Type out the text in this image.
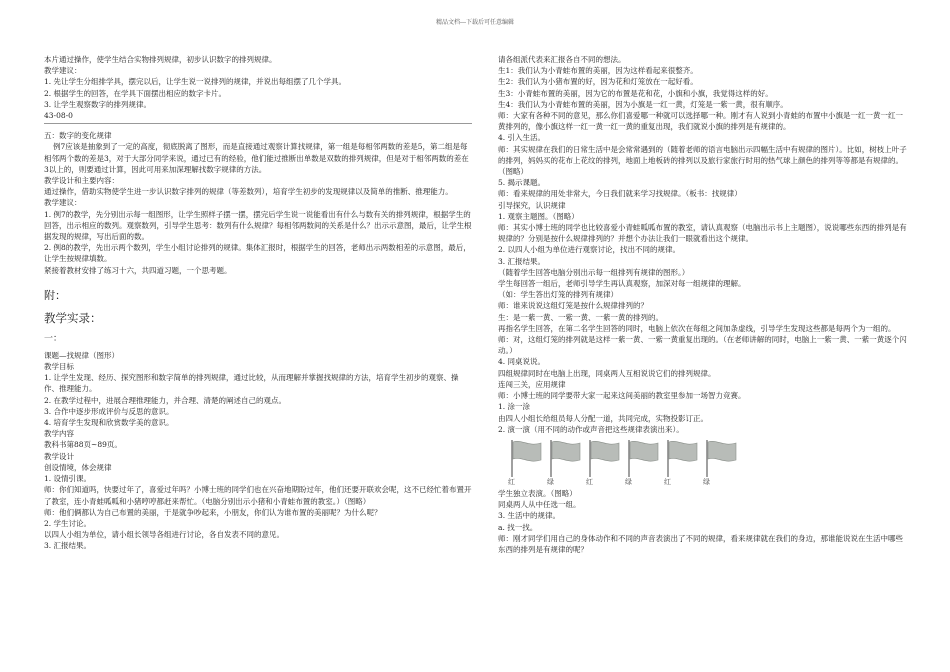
精品文档---下载后可任意编辑

本片通过操作，使学生结合实物排列规律，初步认识数字的排列规律。

教学建议：

1. 先让学生分组排学具，摆完以后，让学生说一说排列的规律，并说出每组摆了几个学具。

2. 根据学生的回答，在学具下面摆出相应的数字卡片。

3. 让学生观察数字的排列规律。

43-08-0

五：数字的变化规律

例7应该是抽象到了一定的高度，彻底脱离了图形，而是直接通过观察计算找规律，第一组是每相邻两数的差是5，第二组是每相邻两个数的差是3，对于大部分同学来说，通过已有的经验，他们能过推断出单数是双数的排列规律，但是对于相邻两数的差在3以上的，则要通过计算，因此可用来加深理解找数字规律的方法。

教学设计和主要内容：

通过操作，借助实物使学生进一步认识数字排列的规律（等差数列），培育学生初步的发现规律以及简单的推断、推理能力。

教学建议：

1. 例7的教学，先分别出示每一组图形，让学生照样子摆一摆，摆完后学生说一说能看出有什么与数有关的排列规律，根据学生的回答，出示相应的数列。观察数列，引导学生思考：数列有什么规律？每相邻两数间的关系是什么？出示示意图，最后，让学生根据发现的规律，写出后面的数。

2. 例8的教学，先出示两个数列，学生小组讨论排列的规律。集体汇报时，根据学生的回答，老师出示两数相差的示意图，最后，让学生按规律填数。

紧接着教材安排了练习十六，共四道习题，一个思考题。

附：
教学实录：
一：

课题—找规律（图形）

教学目标

1. 让学生发现、经历、探究图形和数字简单的排列规律，通过比较，从而理解并掌握找规律的方法，培育学生初步的观察、操作、推理能力。

2. 在教学过程中，进展合理推理能力，并合理、清楚的阐述自己的观点。

3. 合作中逐步形成评价与反思的意识。

4. 培育学生发现和欣赏数学美的意识。

教学内容

教科书第88页~89页。

教学设计

创设情境，体会规律

1. 设情引课。

师：你们知道吗，快要过年了，喜爱过年吗？小博士班的同学们也在兴奋地期盼过年，他们还要开联欢会呢，这不已经忙着布置开了教室，连小青蛙呱呱和小猪哼哼都赶来帮忙。（电脑分别出示小猪和小青蛙布置的教室。）（图略）

师：他们俩都认为自己布置的美丽，于是就争吵起来，小朋友，你们认为谁布置的美丽呢？为什么呢？

2. 学生讨论。

以四人小组为单位，请小组长领导各组进行讨论，各自发表不同的意见。

3. 汇报结果。

请各组派代表来汇报各自不同的想法。

生1：我们认为小青蛙布置的美丽，因为这样看起来很整齐。

生2：我们认为小猪布置的好，因为花和灯笼放在一起好看。

生3：小青蛙布置的美丽，因为它的布置是花和花，小旗和小旗，我觉得这样的好。

生4：我们认为小青蛙布置的美丽，因为小旗是一红一黄，灯笼是一紫一黄，很有顺序。

师：大家有各种不同的意见，那么你们喜爱哪一种就可以选择哪一种。刚才有人说到小青蛙的布置中小旗是一红一黄一红一黄排列的，像小旗这样一红一黄一红一黄的重复出现，我们就说小旗的排列是有规律的。

4. 引入生活。

师：其实规律在我们的日常生活中是会常常遇到的（随着老师的语言电脑出示四幅生活中有规律的图片）。比如，树枝上叶子的排列，妈妈买的花布上花纹的排列，地面上地板砖的排列以及旅行家旅行时用的热气球上颜色的排列等等都是有规律的。（图略）

5. 揭示课题。

师：看来规律的用处非常大，今日我们就来学习找规律。（板书：找规律）

引导探究，认识规律

1. 观察主题图。（图略）

师：其实小博士班的同学也比较喜爱小青蛙呱呱布置的教室，请认真观察（电脑出示书上主题图），说说哪些东西的排列是有规律的？分别是按什么规律排列的？并想个办法让我们一眼就看出这个规律。

2. 以四人小组为单位进行观察讨论，找出不同的规律。

3. 汇报结果。

（随着学生回答电脑分别出示每一组排列有规律的图形。）

学生每回答一组后，老师引导学生再认真观察，加深对每一组规律的理解。

（如：学生答出灯笼的排列有规律）

师：谁来说说这组灯笼是按什么规律排列的？

生：是一紫一黄、一紫一黄、一紫一黄的排列的。

再指名学生回答，在第二名学生回答的同时，电脑上依次在每组之间加条虚线，引导学生发现这些都是每两个为一组的。

师：对，这组灯笼的排列就是这样一紫一黄、一紫一黄重复出现的。（在老师讲解的同时，电脑上一紫一黄、一紫一黄逐个闪动。）

4. 同桌说说。

四组规律同时在电脑上出现，同桌两人互相说说它们的排列规律。

连闯三关，应用规律

师：小博士班的同学要带大家一起来这间美丽的教室里参加一场智力竞赛。

1. 涂一涂

由四人小组长给组员每人分配一道，共同完成，实物投影订正。

2. 演一演（用不同的动作或声音把这些规律表演出来）。

红	绿	红	绿	红	绿

学生独立表演。（图略）

同桌两人从中任选一组。

3. 生活中的规律。

a. 找一找。

师：刚才同学们用自己的身体动作和不同的声音表演出了不同的规律，看来规律就在我们的身边，那谁能说说在生活中哪些东西的排列是有规律的呢？
